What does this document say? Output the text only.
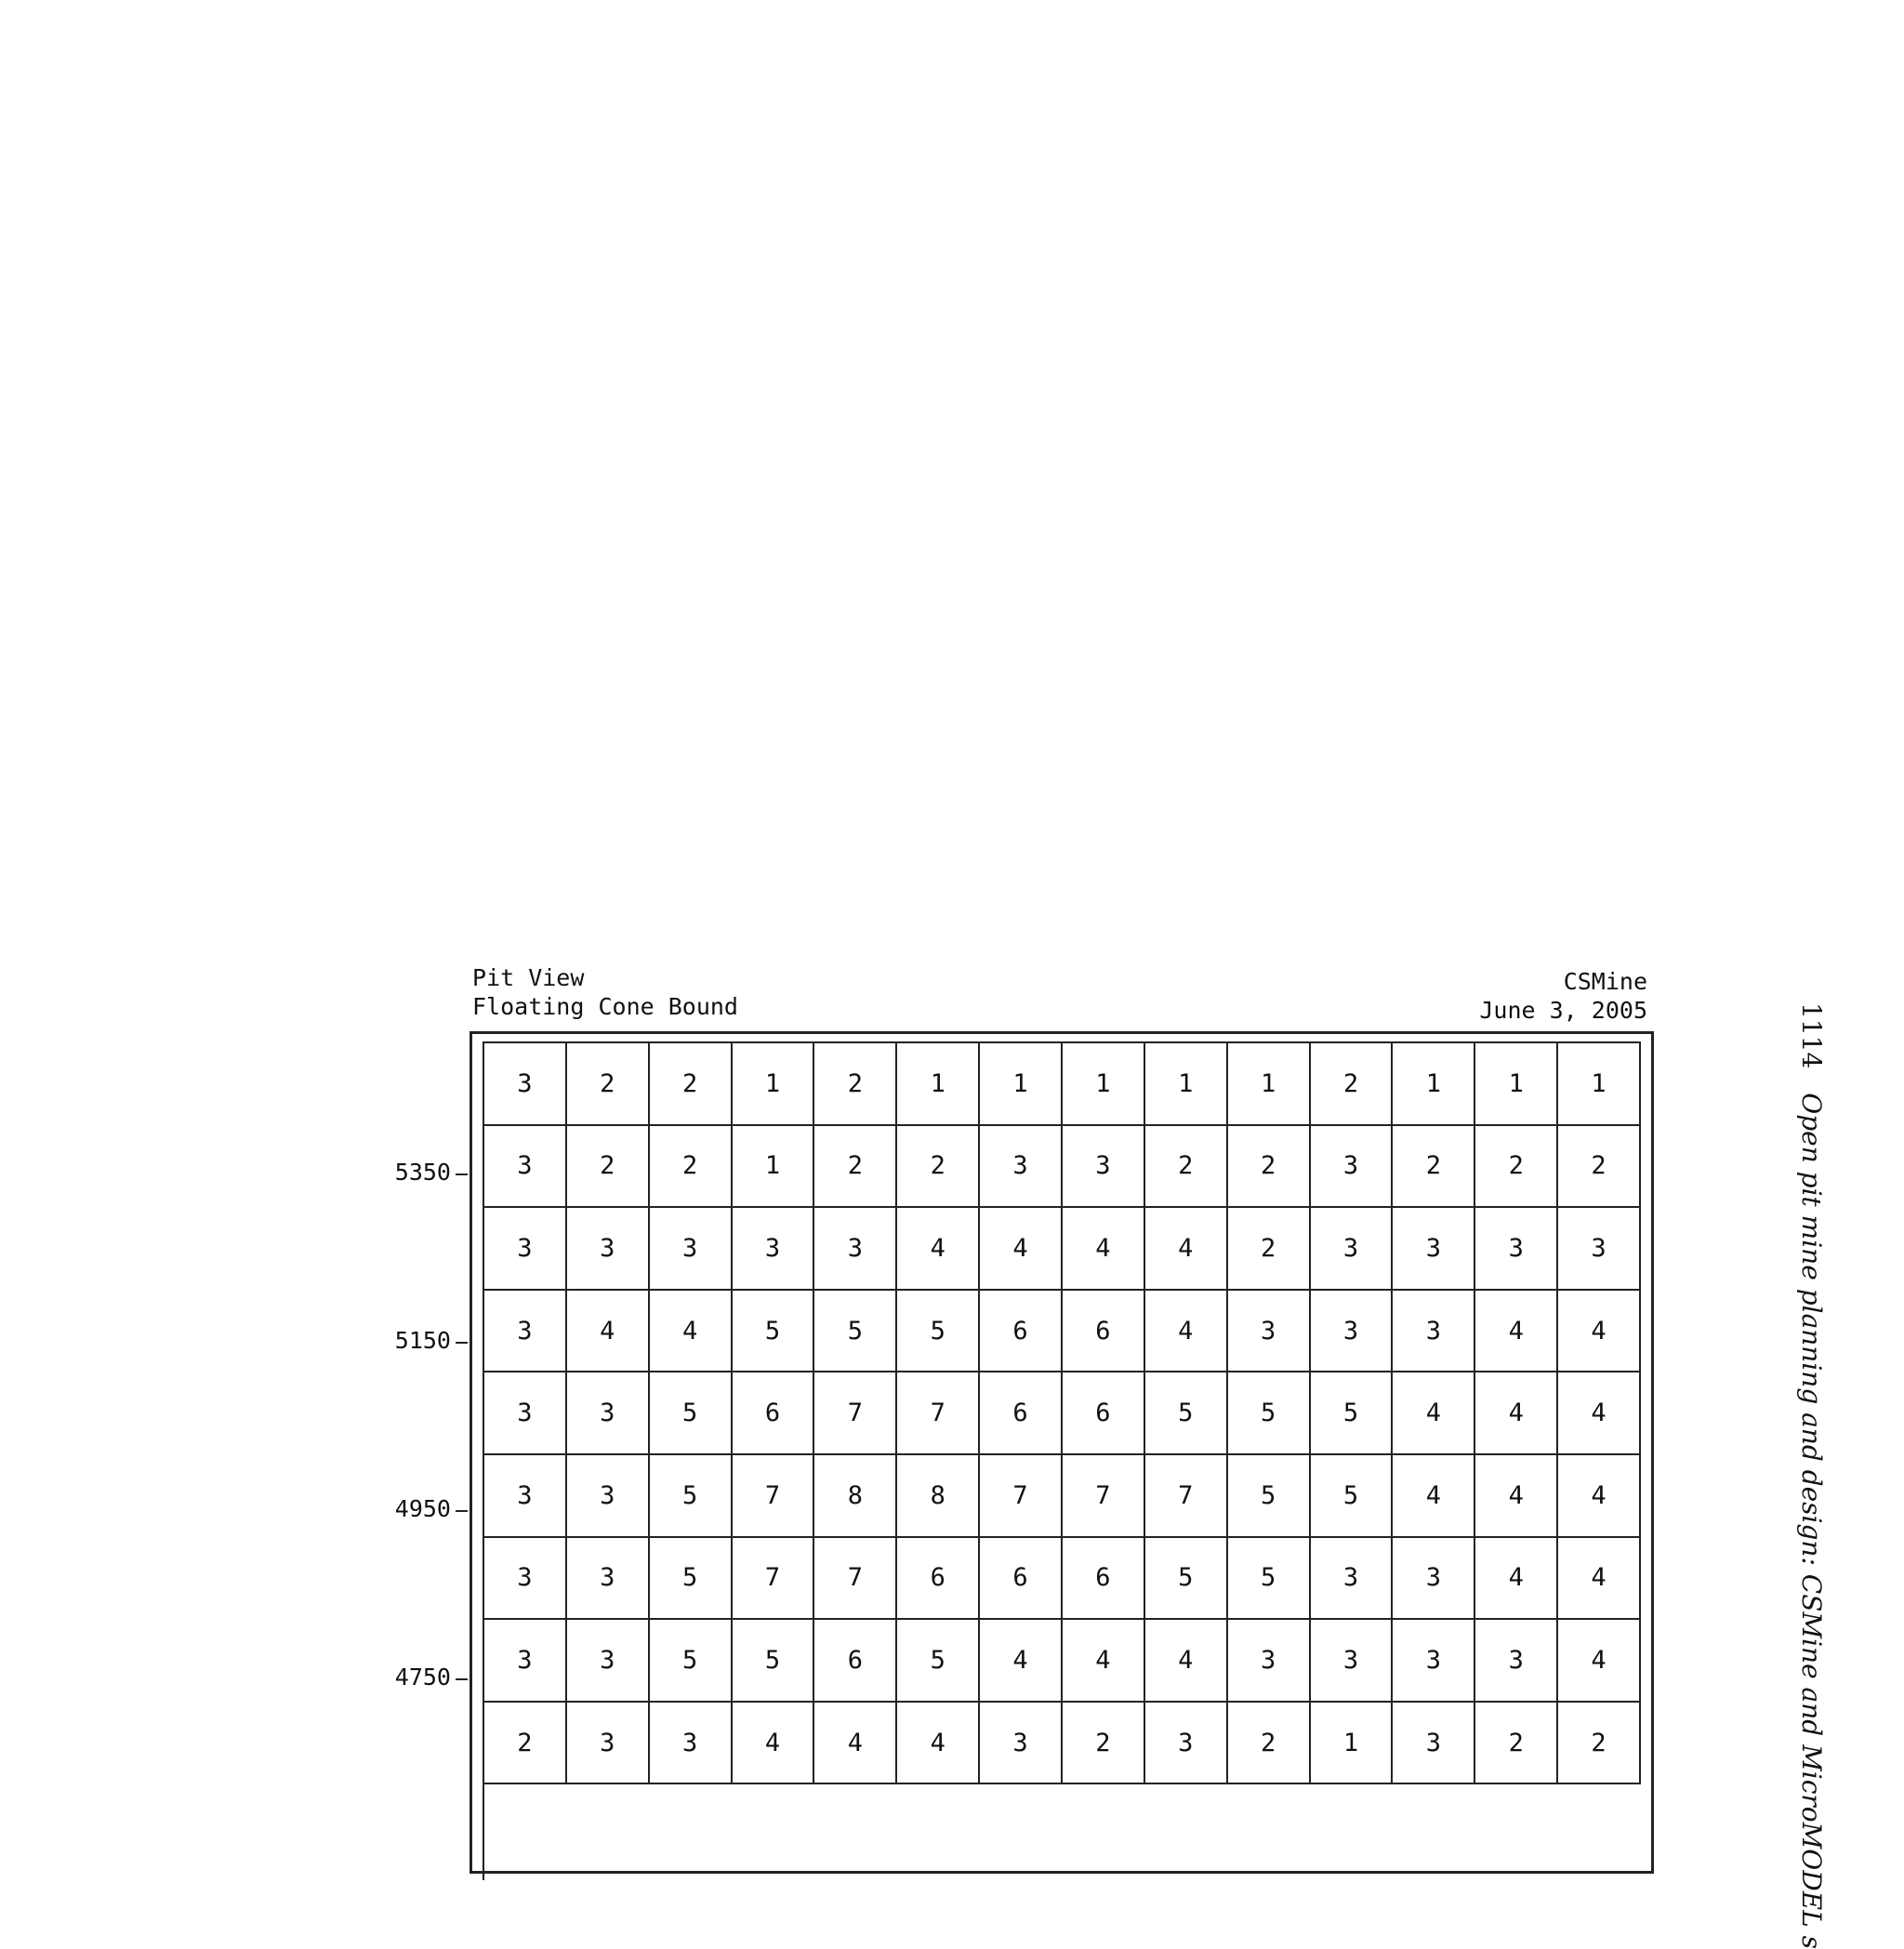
Pit View
Floating Cone Bound
CSMine
June 3, 2005
3	2	2	1	2	1	1	1	1	1	2	1	1	1
3	2	2	1	2	2	3	3	2	2	3	2	2	2
3	3	3	3	3	4	4	4	4	2	3	3	3	3
3	4	4	5	5	5	6	6	4	3	3	3	4	4
3	3	5	6	7	7	6	6	5	5	5	4	4	4
3	3	5	7	8	8	7	7	7	5	5	4	4	4
3	3	5	7	7	6	6	6	5	5	3	3	4	4
3	3	5	5	6	5	4	4	4	3	3	3	3	4
2	3	3	4	4	4	3	2	3	2	1	3	2	2
5350
5150
4950
4750
1114Open pit mine planning and design: CSMine and MicroMODEL s
